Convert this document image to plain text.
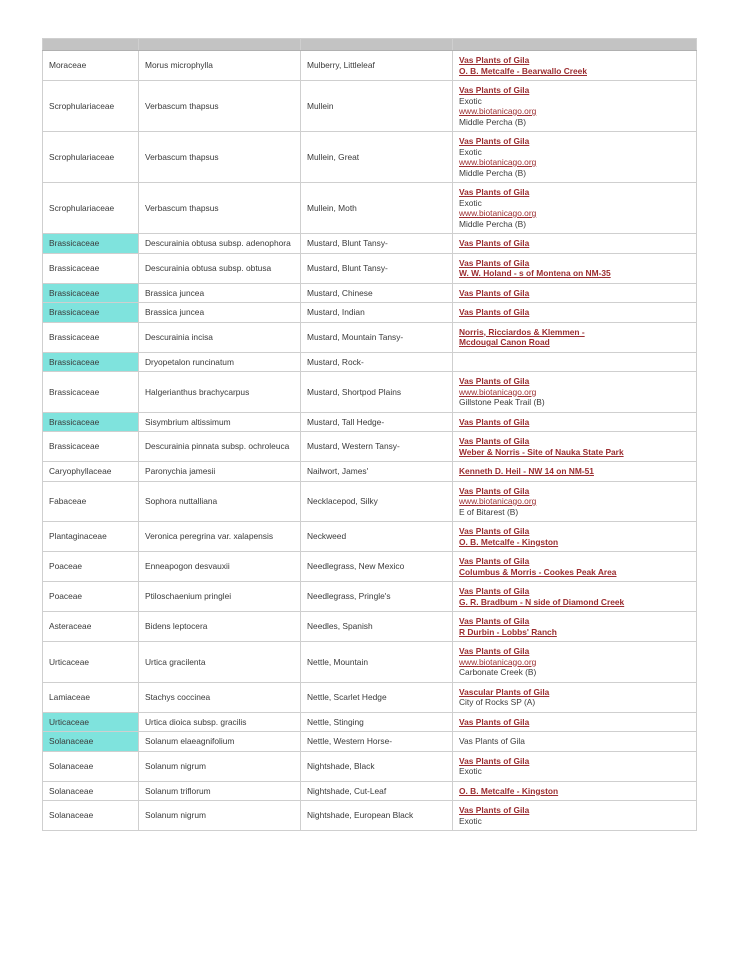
Moraceae	Morus microphylla	Mulberry, Littleleaf	Vas Plants of Gila
O. B. Metcalfe - Bearwallo Creek

Scrophulariaceae	Verbascum thapsus	Mullein	Vas Plants of Gila
Exotic
www.biotanicago.org
Middle Percha (B)

Scrophulariaceae	Verbascum thapsus	Mullein, Great	Vas Plants of Gila
Exotic
www.biotanicago.org
Middle Percha (B)

Scrophulariaceae	Verbascum thapsus	Mullein, Moth	Vas Plants of Gila
Exotic
www.biotanicago.org
Middle Percha (B)

Brassicaceae	Descurainia obtusa subsp. adenophora	Mustard, Blunt Tansy-	Vas Plants of Gila

Brassicaceae	Descurainia obtusa subsp. obtusa	Mustard, Blunt Tansy-	Vas Plants of Gila
W. W. Holand - s of Montena on NM-35

Brassicaceae	Brassica juncea	Mustard, Chinese	Vas Plants of Gila

Brassicaceae	Brassica juncea	Mustard, Indian	Vas Plants of Gila

Brassicaceae	Descurainia incisa	Mustard, Mountain Tansy-	Norris, Ricciardos & Klemmen -
Mcdougal Canon Road

Brassicaceae	Dryopetalon runcinatum	Mustard, Rock-	
Brassicaceae	Halgerianthus brachycarpus	Mustard, Shortpod Plains	Vas Plants of Gila
www.biotanicago.org
Gillstone Peak Trail (B)

Brassicaceae	Sisymbrium altissimum	Mustard, Tall Hedge-	Vas Plants of Gila

Brassicaceae	Descurainia pinnata subsp. ochroleuca	Mustard, Western Tansy-	Vas Plants of Gila
Weber & Norris - Site of Nauka State Park

Caryophyllaceae	Paronychia jamesii	Nailwort, James'	Kenneth D. Heil - NW 14 on NM-51

Fabaceae	Sophora nuttalliana	Necklacepod, Silky	Vas Plants of Gila
www.biotanicago.org
E of Bitarest (B)

Plantaginaceae	Veronica peregrina var. xalapensis	Neckweed	Vas Plants of Gila
O. B. Metcalfe - Kingston

Poaceae	Enneapogon desvauxii	Needlegrass, New Mexico	Vas Plants of Gila
Columbus & Morris - Cookes Peak Area

Poaceae	Ptiloschaenium pringlei	Needlegrass, Pringle's	Vas Plants of Gila
G. R. Bradbum - N side of Diamond Creek

Asteraceae	Bidens leptocera	Needles, Spanish	Vas Plants of Gila
R Durbin - Lobbs' Ranch

Urticaceae	Urtica gracilenta	Nettle, Mountain	Vas Plants of Gila
www.biotanicago.org
Carbonate Creek (B)

Lamiaceae	Stachys coccinea	Nettle, Scarlet Hedge	Vascular Plants of Gila
City of Rocks SP (A)

Urticaceae	Urtica dioica subsp. gracilis	Nettle, Stinging	Vas Plants of Gila

Solanaceae	Solanum elaeagnifolium	Nettle, Western Horse-	Vas Plants of Gila

Solanaceae	Solanum nigrum	Nightshade, Black	Vas Plants of Gila
Exotic

Solanaceae	Solanum triflorum	Nightshade, Cut-Leaf	O. B. Metcalfe - Kingston

Solanaceae	Solanum nigrum	Nightshade, European Black	Vas Plants of Gila
Exotic
